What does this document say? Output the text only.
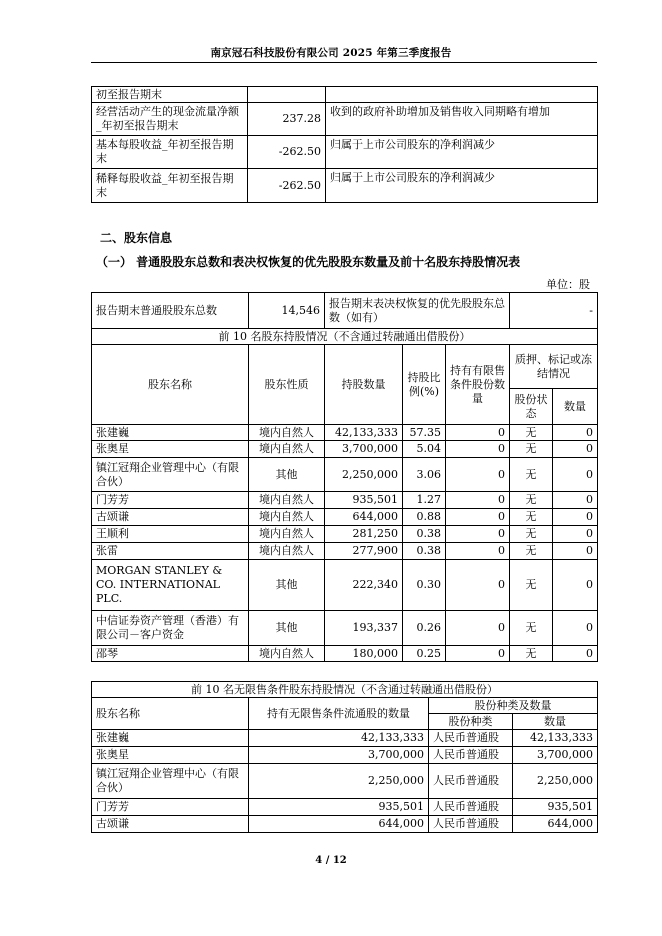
南京冠石科技股份有限公司 2025 年第三季度报告
初至报告期末		
经营活动产生的现金流量净额_年初至报告期末	237.28	收到的政府补助增加及销售收入同期略有增加
基本每股收益_年初至报告期末	-262.50	归属于上市公司股东的净利润减少
稀释每股收益_年初至报告期末	-262.50	归属于上市公司股东的净利润减少
二、股东信息
（一） 普通股股东总数和表决权恢复的优先股股东数量及前十名股东持股情况表
单位：股
报告期末普通股股东总数	14,546	报告期末表决权恢复的优先股股东总数（如有）			-	
前 10 名股东持股情况（不含通过转融通出借股份）						
股东名称	股东性质	持股数量	持股比例(%)	持有有限售条件股份数量	质押、标记或冻结情况	
					股份状态	数量
张建巍	境内自然人	42,133,333	57.35	0	无	0
张奥星	境内自然人	3,700,000	5.04	0	无	0
镇江冠翔企业管理中心（有限合伙）	其他	2,250,000	3.06	0	无	0
门芳芳	境内自然人	935,501	1.27	0	无	0
古颂谦	境内自然人	644,000	0.88	0	无	0
王顺利	境内自然人	281,250	0.38	0	无	0
张雷	境内自然人	277,900	0.38	0	无	0
MORGAN STANLEY & CO. INTERNATIONAL PLC.	其他	222,340	0.30	0	无	0
中信证券资产管理（香港）有限公司－客户资金	其他	193,337	0.26	0	无	0
邵琴	境内自然人	180,000	0.25	0	无	0
前 10 名无限售条件股东持股情况（不含通过转融通出借股份）			
股东名称	持有无限售条件流通股的数量	股份种类及数量	
		股份种类	数量
张建巍	42,133,333	人民币普通股	42,133,333
张奥星	3,700,000	人民币普通股	3,700,000
镇江冠翔企业管理中心（有限合伙）	2,250,000	人民币普通股	2,250,000
门芳芳	935,501	人民币普通股	935,501
古颂谦	644,000	人民币普通股	644,000
4 / 12
